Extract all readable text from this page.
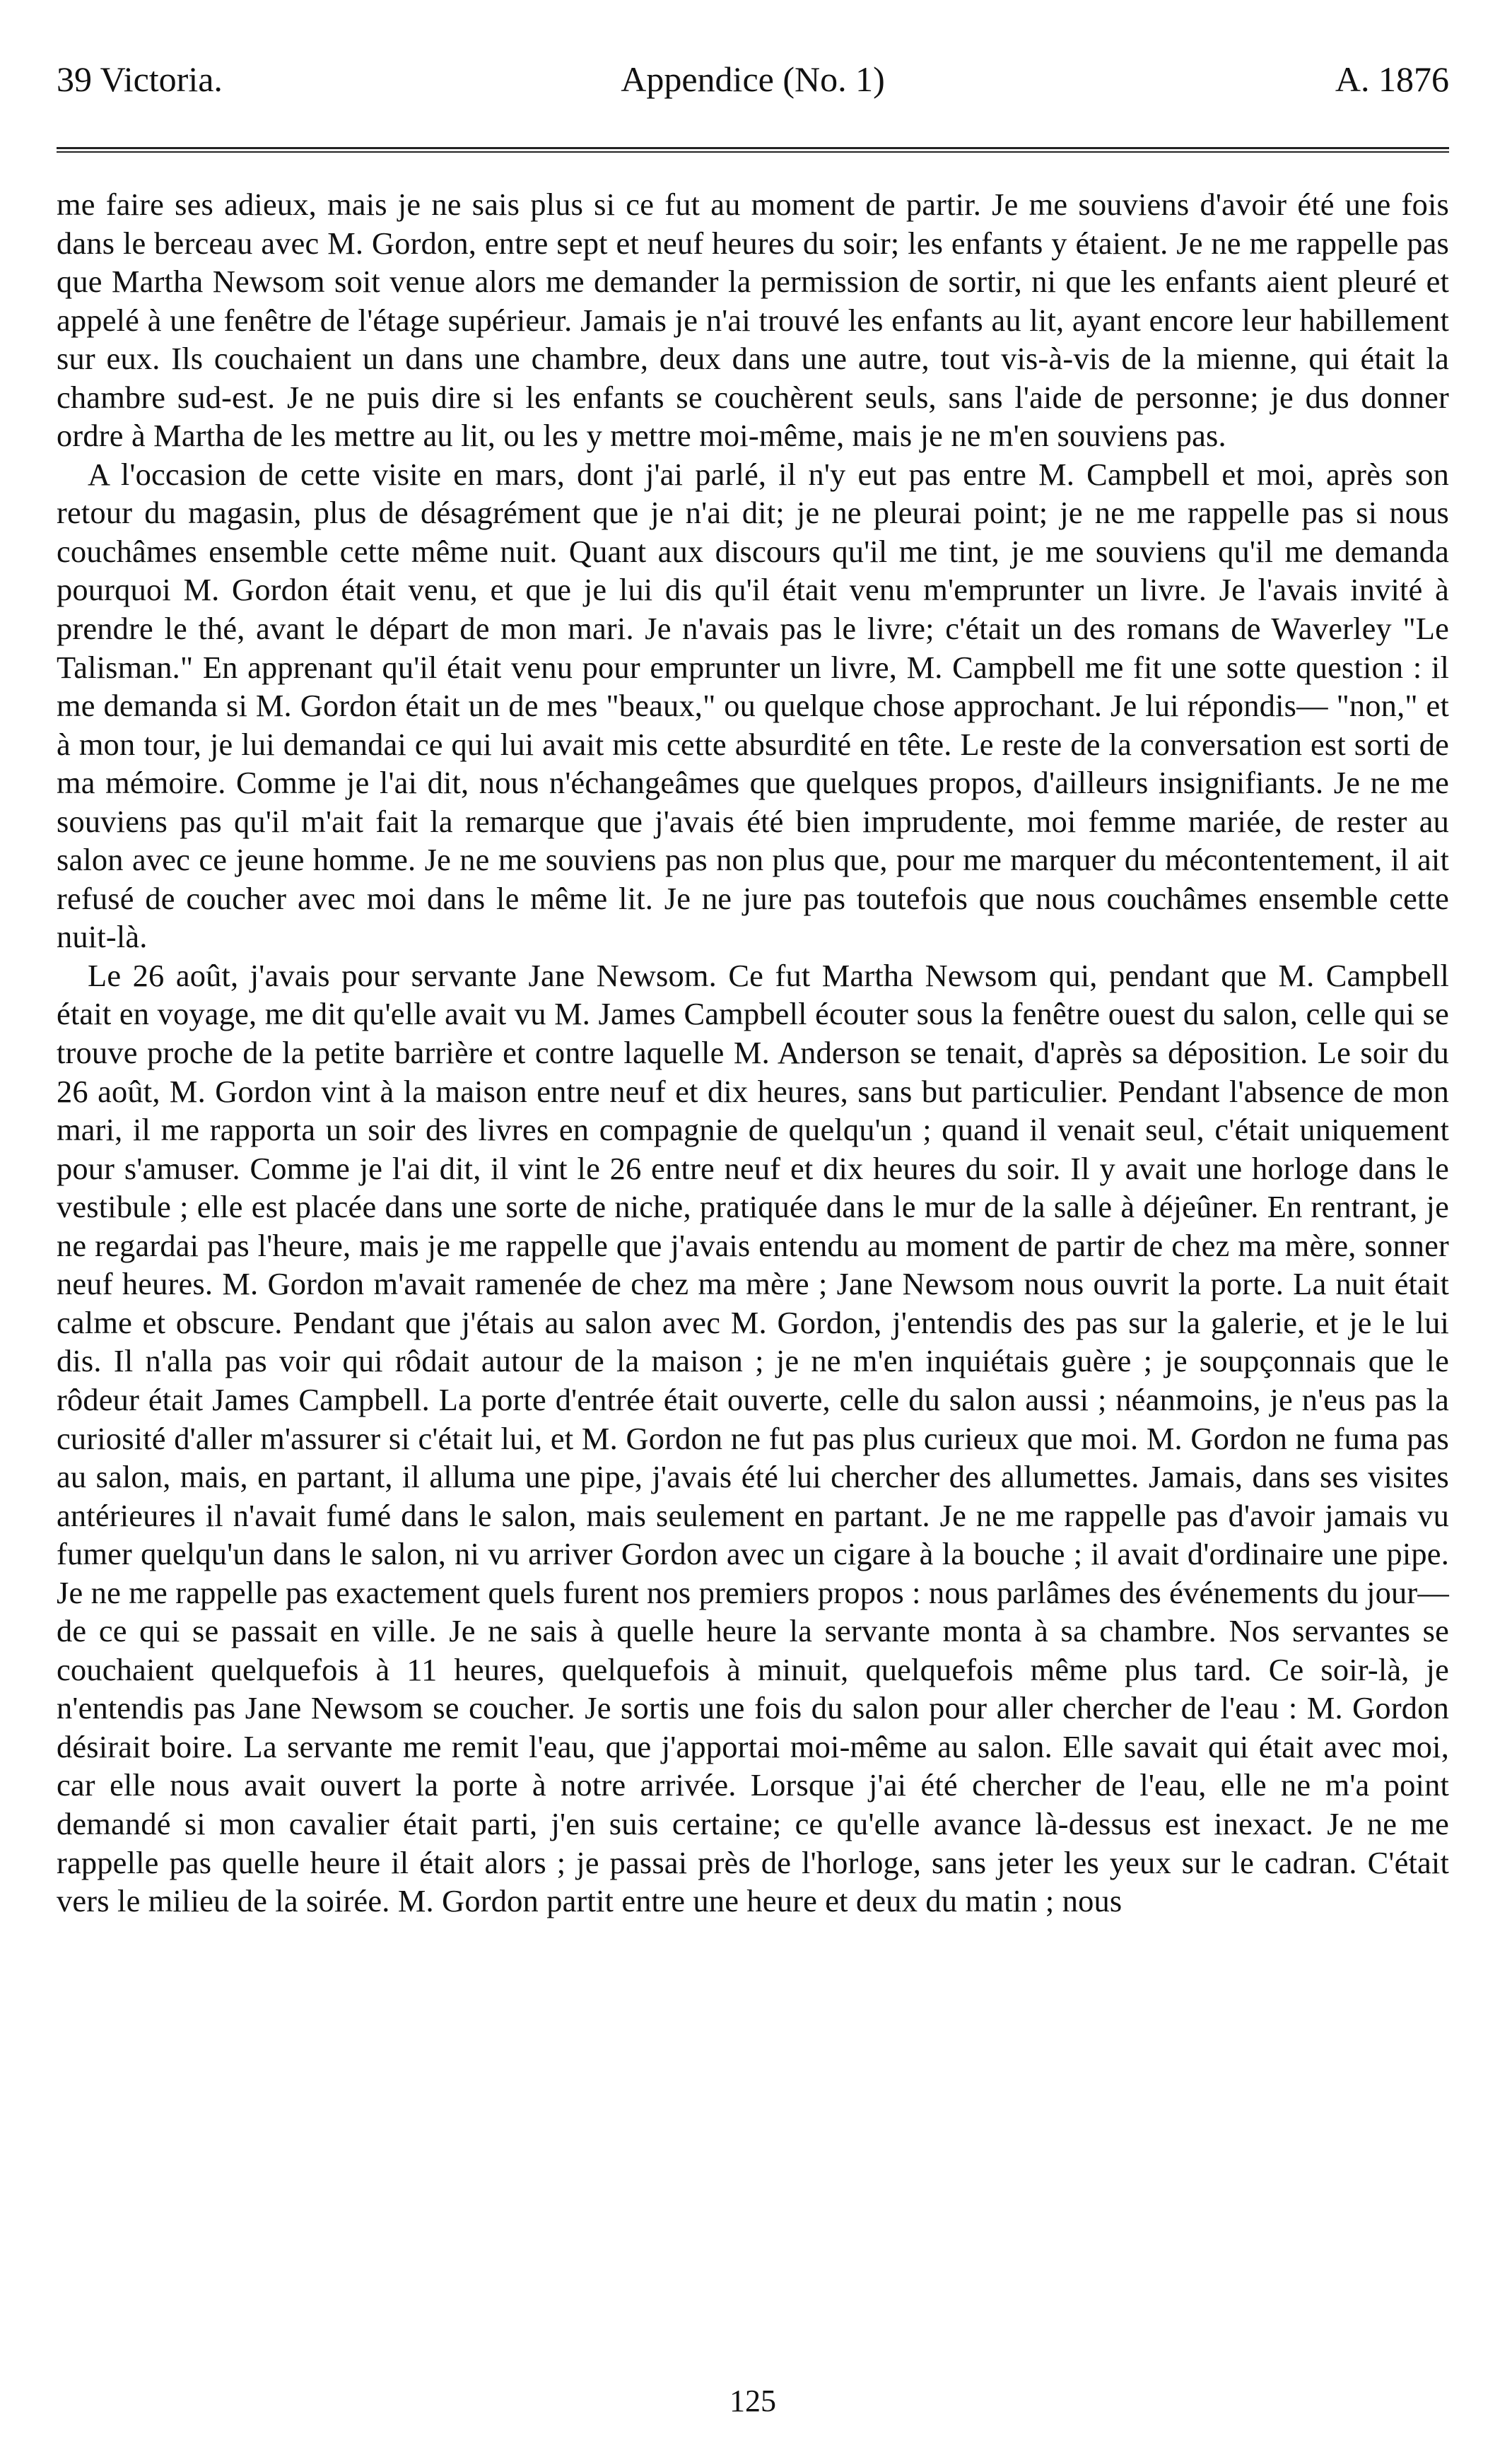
39 Victoria.	Appendice (No. 1)	A. 1876

me faire ses adieux, mais je ne sais plus si ce fut au moment de partir. Je me souviens d'avoir été une fois dans le berceau avec M. Gordon, entre sept et neuf heures du soir; les enfants y étaient. Je ne me rappelle pas que Martha Newsom soit venue alors me demander la permission de sortir, ni que les enfants aient pleuré et appelé à une fenêtre de l'étage supérieur. Jamais je n'ai trouvé les enfants au lit, ayant encore leur habillement sur eux. Ils couchaient un dans une chambre, deux dans une autre, tout vis-à-vis de la mienne, qui était la chambre sud-est. Je ne puis dire si les enfants se couchèrent seuls, sans l'aide de personne; je dus donner ordre à Martha de les mettre au lit, ou les y mettre moi-même, mais je ne m'en souviens pas.

A l'occasion de cette visite en mars, dont j'ai parlé, il n'y eut pas entre M. Campbell et moi, après son retour du magasin, plus de désagrément que je n'ai dit; je ne pleurai point; je ne me rappelle pas si nous couchâmes ensemble cette même nuit. Quant aux discours qu'il me tint, je me souviens qu'il me demanda pourquoi M. Gordon était venu, et que je lui dis qu'il était venu m'emprunter un livre. Je l'avais invité à prendre le thé, avant le départ de mon mari. Je n'avais pas le livre; c'était un des romans de Waverley "Le Talisman." En apprenant qu'il était venu pour emprunter un livre, M. Campbell me fit une sotte question : il me demanda si M. Gordon était un de mes "beaux," ou quelque chose approchant. Je lui répondis— "non," et à mon tour, je lui demandai ce qui lui avait mis cette absurdité en tête. Le reste de la conversation est sorti de ma mémoire. Comme je l'ai dit, nous n'échangeâmes que quelques propos, d'ailleurs insignifiants. Je ne me souviens pas qu'il m'ait fait la remarque que j'avais été bien imprudente, moi femme mariée, de rester au salon avec ce jeune homme. Je ne me souviens pas non plus que, pour me marquer du mécontentement, il ait refusé de coucher avec moi dans le même lit. Je ne jure pas toutefois que nous couchâmes ensemble cette nuit-là.

Le 26 août, j'avais pour servante Jane Newsom. Ce fut Martha Newsom qui, pendant que M. Campbell était en voyage, me dit qu'elle avait vu M. James Campbell écouter sous la fenêtre ouest du salon, celle qui se trouve proche de la petite barrière et contre laquelle M. Anderson se tenait, d'après sa déposition. Le soir du 26 août, M. Gordon vint à la maison entre neuf et dix heures, sans but particulier. Pendant l'absence de mon mari, il me rapporta un soir des livres en compagnie de quelqu'un ; quand il venait seul, c'était uniquement pour s'amuser. Comme je l'ai dit, il vint le 26 entre neuf et dix heures du soir. Il y avait une horloge dans le vestibule ; elle est placée dans une sorte de niche, pratiquée dans le mur de la salle à déjeûner. En rentrant, je ne regardai pas l'heure, mais je me rappelle que j'avais entendu au moment de partir de chez ma mère, sonner neuf heures. M. Gordon m'avait ramenée de chez ma mère ; Jane Newsom nous ouvrit la porte. La nuit était calme et obscure. Pendant que j'étais au salon avec M. Gordon, j'entendis des pas sur la galerie, et je le lui dis. Il n'alla pas voir qui rôdait autour de la maison ; je ne m'en inquiétais guère ; je soupçonnais que le rôdeur était James Campbell. La porte d'entrée était ouverte, celle du salon aussi ; néanmoins, je n'eus pas la curiosité d'aller m'assurer si c'était lui, et M. Gordon ne fut pas plus curieux que moi. M. Gordon ne fuma pas au salon, mais, en partant, il alluma une pipe, j'avais été lui chercher des allumettes. Jamais, dans ses visites antérieures il n'avait fumé dans le salon, mais seulement en partant. Je ne me rappelle pas d'avoir jamais vu fumer quelqu'un dans le salon, ni vu arriver Gordon avec un cigare à la bouche ; il avait d'ordinaire une pipe. Je ne me rappelle pas exactement quels furent nos premiers propos : nous parlâmes des événements du jour—de ce qui se passait en ville. Je ne sais à quelle heure la servante monta à sa chambre. Nos servantes se couchaient quelquefois à 11 heures, quelquefois à minuit, quelquefois même plus tard. Ce soir-là, je n'entendis pas Jane Newsom se coucher. Je sortis une fois du salon pour aller chercher de l'eau : M. Gordon désirait boire. La servante me remit l'eau, que j'apportai moi-même au salon. Elle savait qui était avec moi, car elle nous avait ouvert la porte à notre arrivée. Lorsque j'ai été chercher de l'eau, elle ne m'a point demandé si mon cavalier était parti, j'en suis certaine; ce qu'elle avance là-dessus est inexact. Je ne me rappelle pas quelle heure il était alors ; je passai près de l'horloge, sans jeter les yeux sur le cadran. C'était vers le milieu de la soirée. M. Gordon partit entre une heure et deux du matin ; nous

125
